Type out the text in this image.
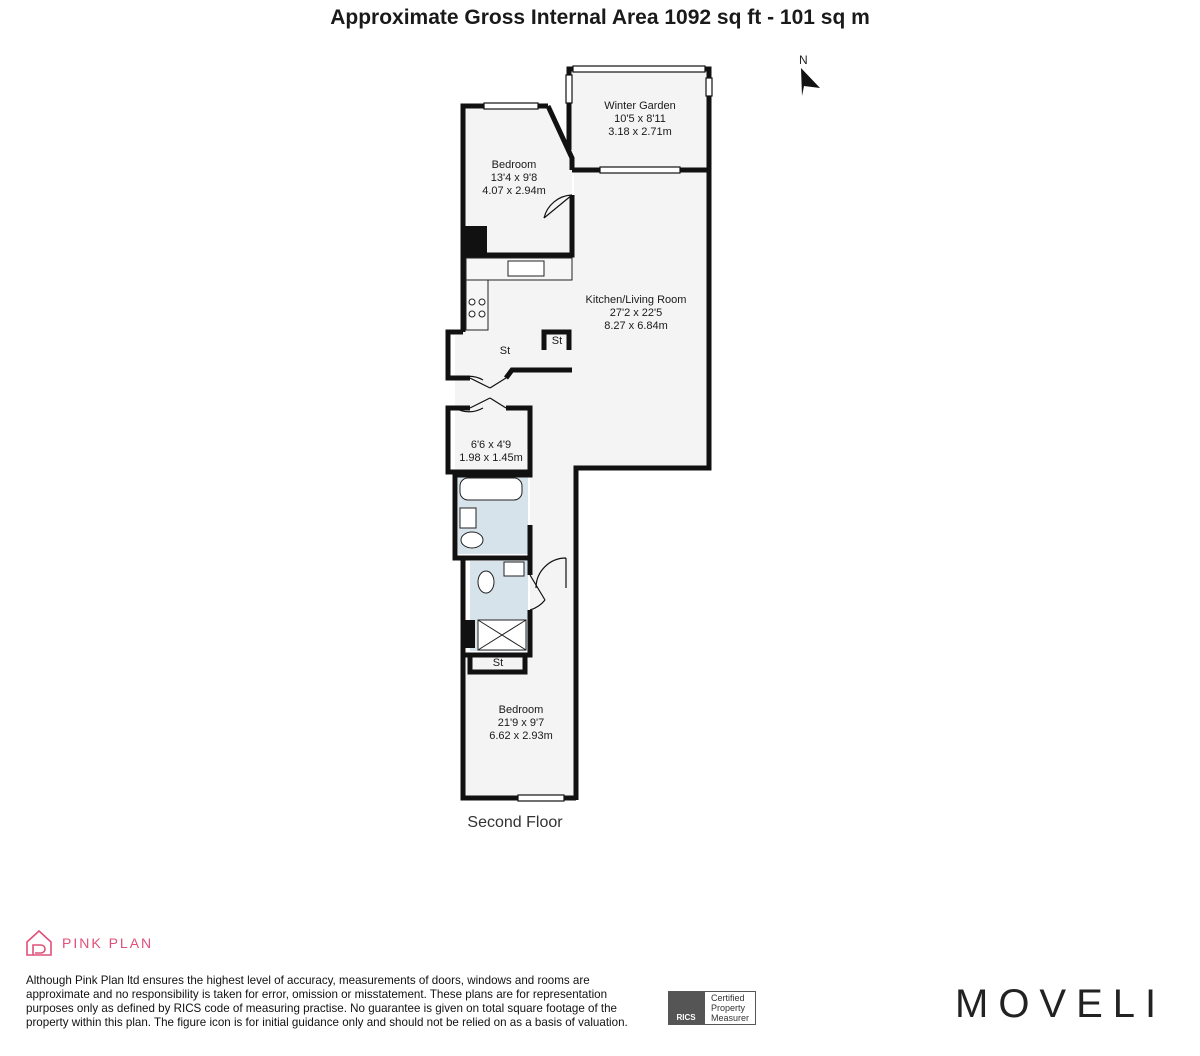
Approximate Gross Internal Area 1092 sq ft - 101 sq m
N
Winter Garden
10'5 x 8'11
3.18 x 2.71m
Bedroom
13'4 x 9'8
4.07 x 2.94m
Kitchen/Living Room
27'2 x 22'5
8.27 x 6.84m
St
St
6'6 x 4'9
1.98 x 1.45m
St
Bedroom
21'9 x 9'7
6.62 x 2.93m
Second Floor
PINK PLAN
Although Pink Plan ltd ensures the highest level of accuracy, measurements of doors, windows and rooms are approximate and no responsibility is taken for error, omission or misstatement. These plans are for representation purposes only as defined by RICS code of measuring practise. No guarantee is given on total square footage of the property within this plan. The figure icon is for initial guidance only and should not be relied on as a basis of valuation.	RICS
Certified
Property
Measurer	MOVELI
